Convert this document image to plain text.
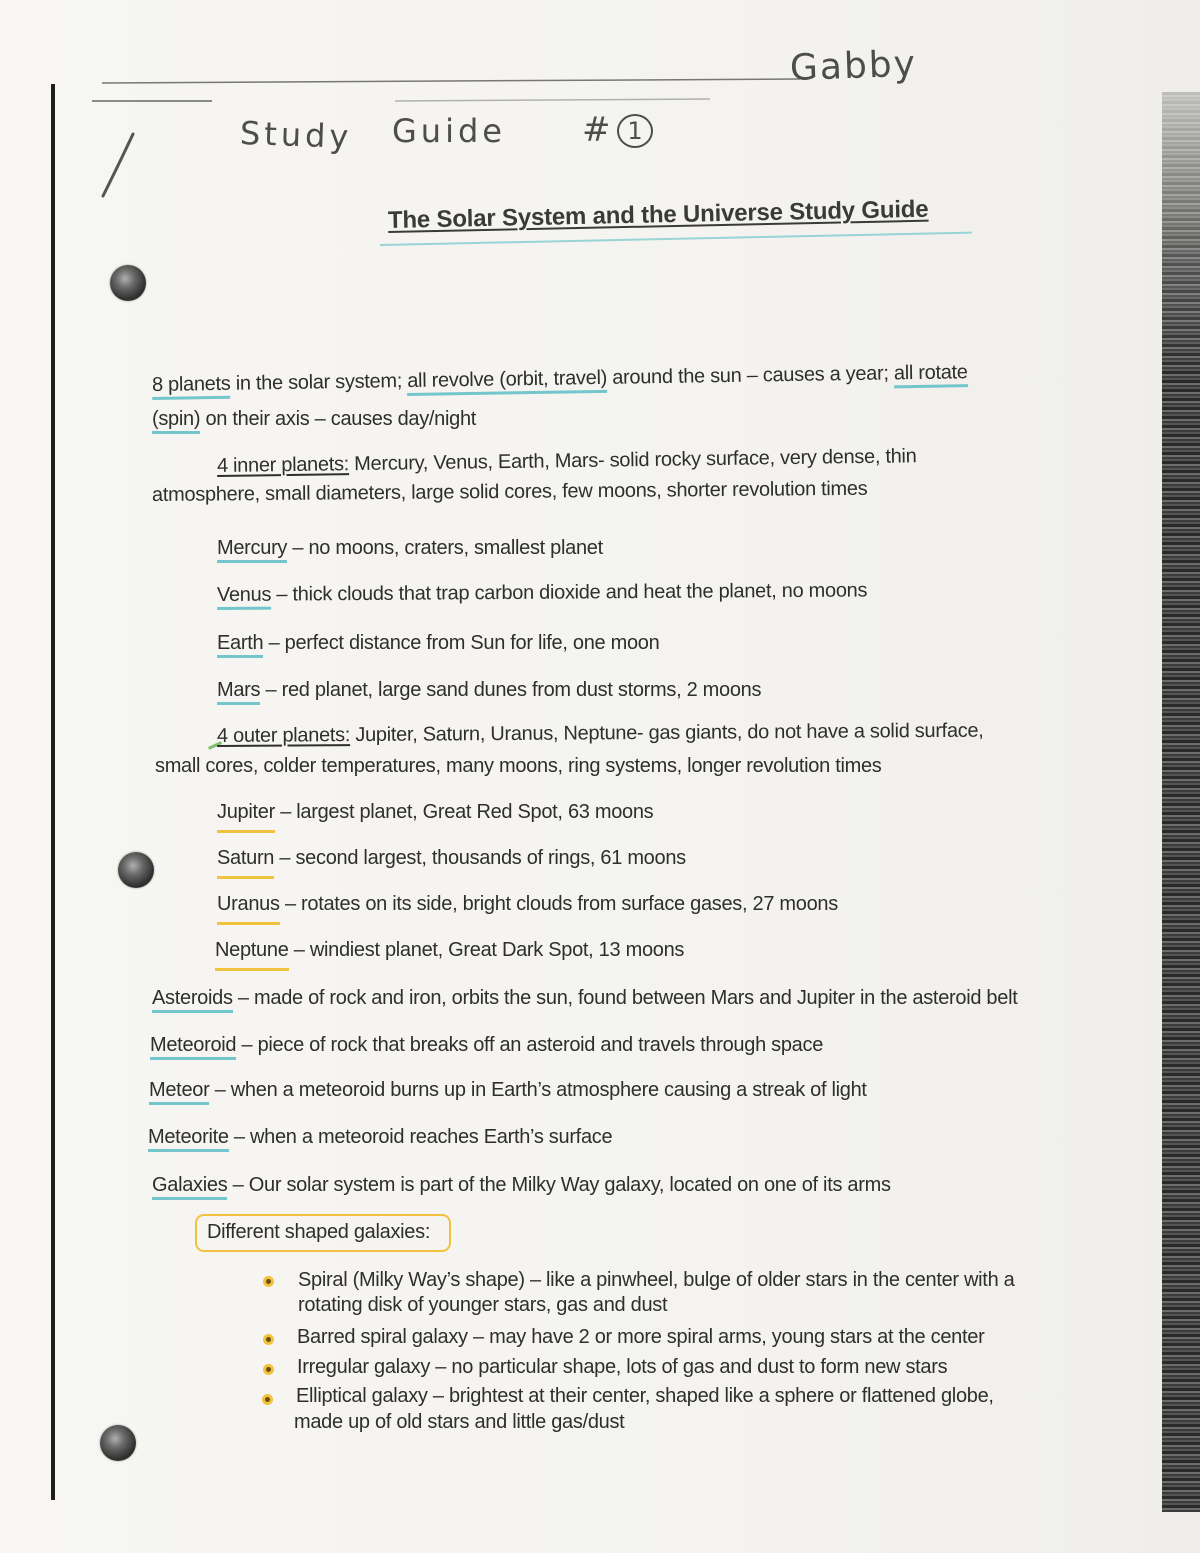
Gabby
Study Guide # 1
The Solar System and the Universe Study Guide
8 planets in the solar system; all revolve (orbit, travel) around the sun – causes a year; all rotate
(spin) on their axis – causes day/night
4 inner planets: Mercury, Venus, Earth, Mars- solid rocky surface, very dense, thin
atmosphere, small diameters, large solid cores, few moons, shorter revolution times
Mercury – no moons, craters, smallest planet
Venus – thick clouds that trap carbon dioxide and heat the planet, no moons
Earth – perfect distance from Sun for life, one moon
Mars – red planet, large sand dunes from dust storms, 2 moons
4 outer planets: Jupiter, Saturn, Uranus, Neptune- gas giants, do not have a solid surface,
small cores, colder temperatures, many moons, ring systems, longer revolution times
Jupiter – largest planet, Great Red Spot, 63 moons
Saturn – second largest, thousands of rings, 61 moons
Uranus – rotates on its side, bright clouds from surface gases, 27 moons
Neptune – windiest planet, Great Dark Spot, 13 moons
Asteroids – made of rock and iron, orbits the sun, found between Mars and Jupiter in the asteroid belt
Meteoroid – piece of rock that breaks off an asteroid and travels through space
Meteor – when a meteoroid burns up in Earth’s atmosphere causing a streak of light
Meteorite – when a meteoroid reaches Earth’s surface
Galaxies – Our solar system is part of the Milky Way galaxy, located on one of its arms
Different shaped galaxies:
Spiral (Milky Way’s shape) – like a pinwheel, bulge of older stars in the center with a
rotating disk of younger stars, gas and dust
Barred spiral galaxy – may have 2 or more spiral arms, young stars at the center
Irregular galaxy – no particular shape, lots of gas and dust to form new stars
Elliptical galaxy – brightest at their center, shaped like a sphere or flattened globe,
made up of old stars and little gas/dust
